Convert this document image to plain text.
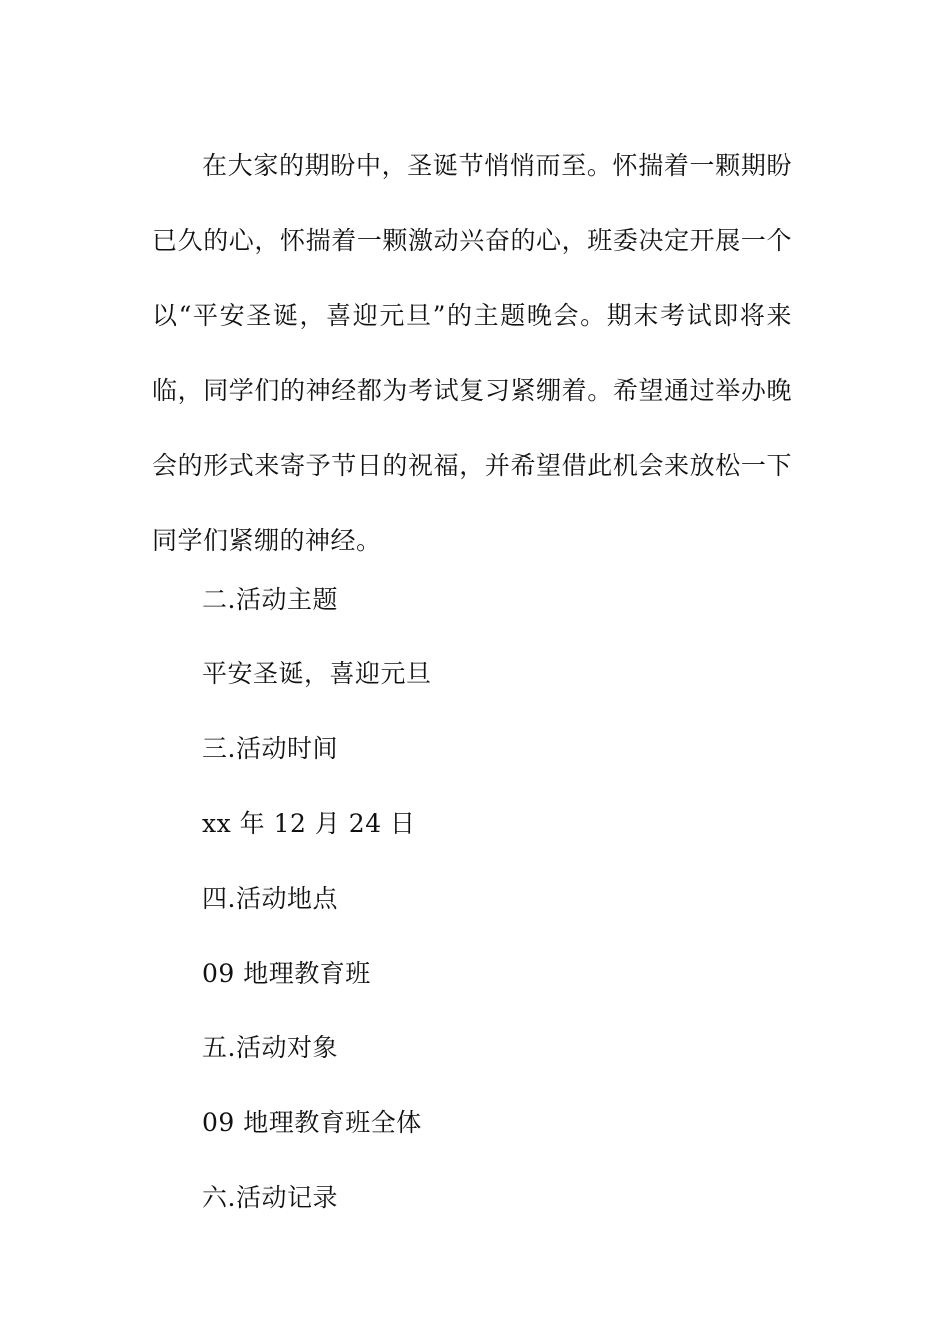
在大家的期盼中，圣诞节悄悄而至。怀揣着一颗期盼已久的心，怀揣着一颗激动兴奋的心，班委决定开展一个以“平安圣诞，喜迎元旦”的主题晚会。期末考试即将来临，同学们的神经都为考试复习紧绷着。希望通过举办晚会的形式来寄予节日的祝福，并希望借此机会来放松一下同学们紧绷的神经。

二.活动主题

平安圣诞，喜迎元旦

三.活动时间

xx 年 12 月 24 日

四.活动地点

09 地理教育班

五.活动对象

09 地理教育班全体

六.活动记录
